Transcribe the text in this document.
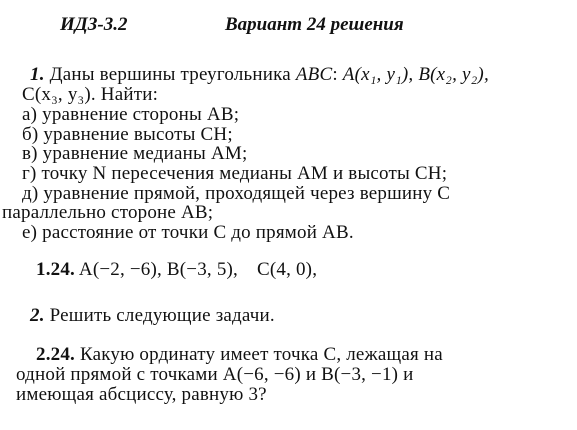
ИДЗ-3.2	Вариант 24 решения
1. Даны вершины треугольника ABC: A(x₁, y₁), B(x₂, y₂),
C(x₃, y₃). Найти:
а) уравнение стороны AB;
б) уравнение высоты CH;
в) уравнение медианы AM;
г) точку N пересечения медианы AM и высоты CH;
д) уравнение прямой, проходящей через вершину C
параллельно стороне AB;
е) расстояние от точки C до прямой AB.
1.24. A(−2, −6), B(−3, 5), C(4, 0),
2. Решить следующие задачи.
2.24. Какую ординату имеет точка C, лежащая на
одной прямой с точками A(−6, −6) и B(−3, −1) и
имеющая абсциссу, равную 3?
